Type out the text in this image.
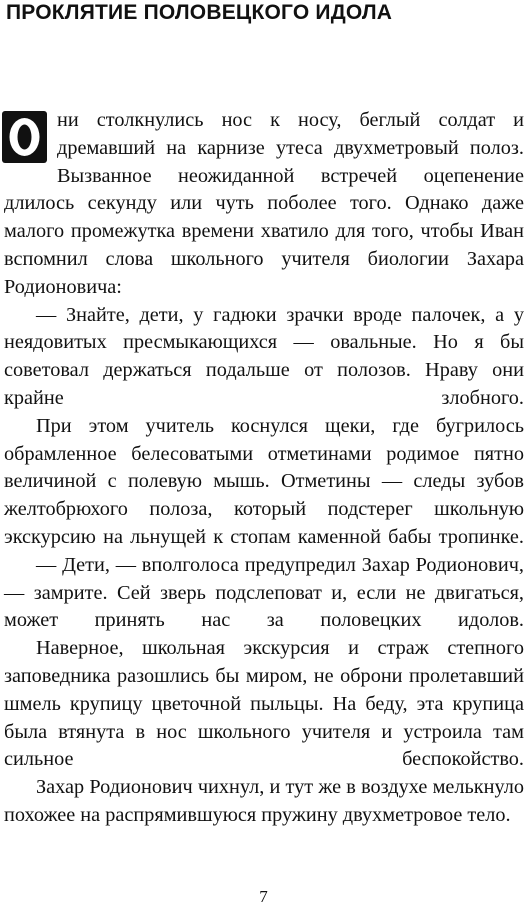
ПРОКЛЯТИЕ ПОЛОВЕЦКОГО ИДОЛА

ни столкнулись нос к носу, беглый солдат и дремавший на карнизе утеса двухметровый полоз. Вызванное неожиданной встречей оцепенение длилось секунду или чуть поболее того. Однако даже малого промежутка времени хватило для того, чтобы Иван вспомнил слова школьного учителя биологии Захара Родионовича:

— Знайте, дети, у гадюки зрачки вроде палочек, а у неядовитых пресмыкающихся — овальные. Но я бы советовал держаться подальше от полозов. Нраву они крайне злобного.

При этом учитель коснулся щеки, где бугрилось обрамленное белесоватыми отметинами родимое пятно величиной с полевую мышь. Отметины — следы зубов желтобрюхого полоза, который подстерег школьную экскурсию на льнущей к стопам каменной бабы тропинке.

— Дети, — вполголоса предупредил Захар Родионович, — замрите. Сей зверь подслеповат и, если не двигаться, может принять нас за половецких идолов.

Наверное, школьная экскурсия и страж степного заповедника разошлись бы миром, не оброни пролетавший шмель крупицу цветочной пыльцы. На беду, эта крупица была втянута в нос школьного учителя и устроила там сильное беспокойство.

Захар Родионович чихнул, и тут же в воздухе мелькнуло похожее на распрямившуюся пружину двухметровое тело.

7
